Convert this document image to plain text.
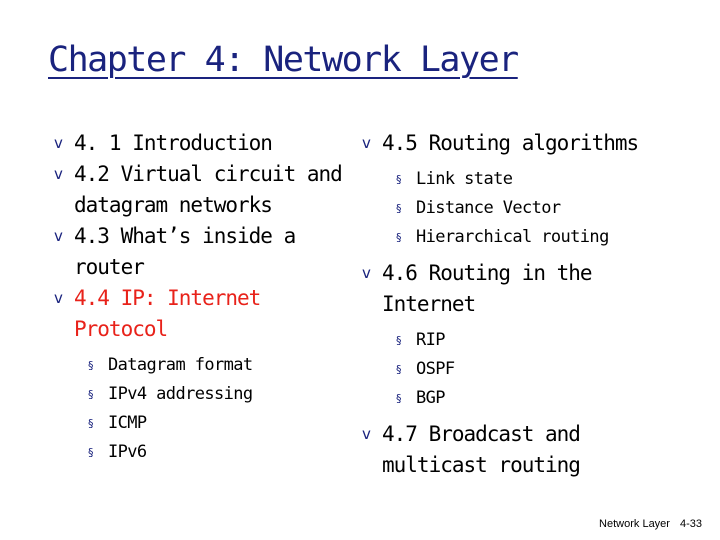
Chapter 4: Network Layer
v 4. 1 Introduction
v 4.2 Virtual circuit and datagram networks
v 4.3 What’s inside a router
v 4.4 IP: Internet Protocol
§ Datagram format
§ IPv4 addressing
§ ICMP
§ IPv6
v 4.5 Routing algorithms
§ Link state
§ Distance Vector
§ Hierarchical routing
v 4.6 Routing in the Internet
§ RIP
§ OSPF
§ BGP
v 4.7 Broadcast and multicast routing
Network Layer 4-33
